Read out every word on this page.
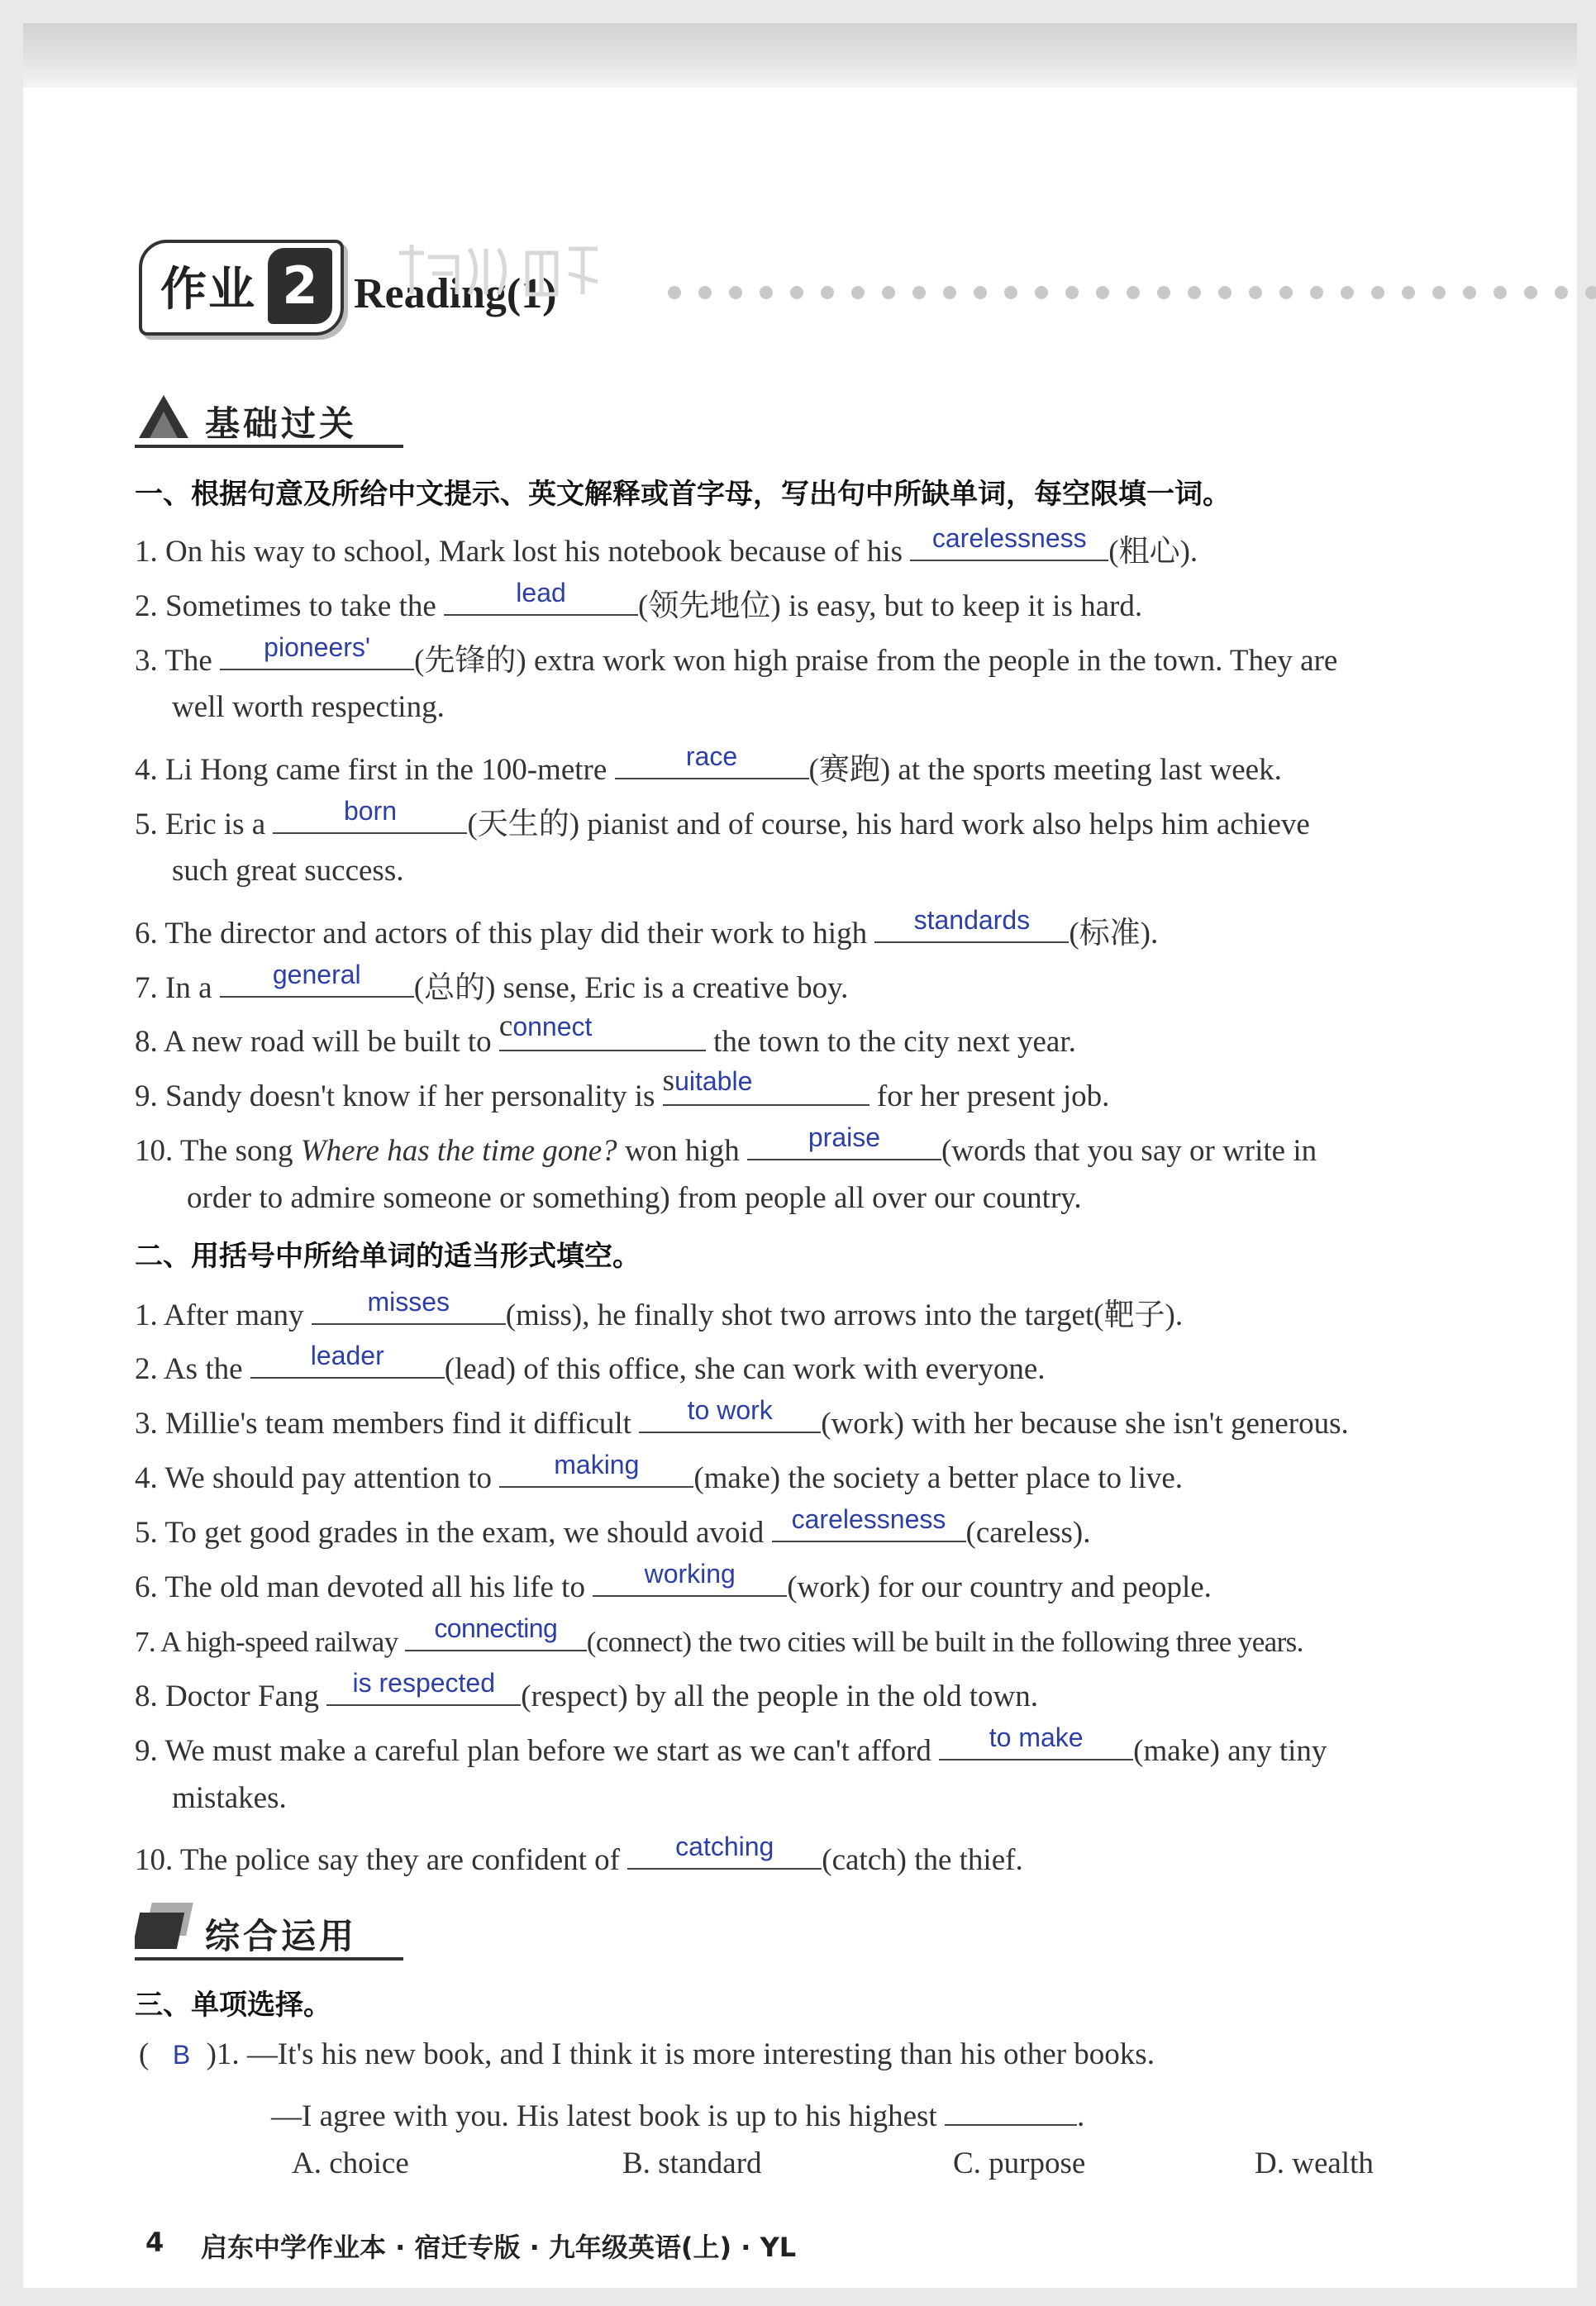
作业 2 Reading(1)
基础过关
一、根据句意及所给中文提示、英文解释或首字母，写出句中所缺单词，每空限填一词。
1. On his way to school, Mark lost his notebook because of his	carelessness (粗心).
2. Sometimes to take the	lead	(领先地位) is easy, but to keep it is hard.
3. The	pioneers'	(先锋的) extra work won high praise from the people in the town. They are
well worth respecting.
4. Li Hong came first in the 100-metre	race	(赛跑) at the sports meeting last week.
5. Eric is a	born	(天生的) pianist and of course, his hard work also helps him achieve
such great success.
6. The director and actors of this play did their work to high	standards	(标准).
7. In a	general	(总的) sense, Eric is a creative boy.
8. A new road will be built to connect	the town to the city next year.
9. Sandy doesn't know if her personality is suitable	for her present job.
10. The song Where has the time gone? won high	praise	(words that you say or write in
order to admire someone or something) from people all over our country.
二、用括号中所给单词的适当形式填空。
1. After many	misses	(miss), he finally shot two arrows into the target(靶子).
2. As the	leader	(lead) of this office, she can work with everyone.
3. Millie's team members find it difficult	to work	(work) with her because she isn't generous.
4. We should pay attention to	making	(make) the society a better place to live.
5. To get good grades in the exam, we should avoid	carelessness (careless).
6. The old man devoted all his life to	working	(work) for our country and people.
7. A high-speed railway	connecting	(connect) the two cities will be built in the following three years.
8. Doctor Fang	is respected (respect) by all the people in the old town.
9. We must make a careful plan before we start as we can't afford	to make	(make) any tiny
mistakes.
10. The police say they are confident of	catching	(catch) the thief.
综合运用
三、单项选择。
( B )1. —It's his new book, and I think it is more interesting than his other books.
—I agree with you. His latest book is up to his highest	.
A. choice	B. standard	C. purpose	D. wealth
4 启东中学作业本 · 宿迁专版 · 九年级英语(上) · YL
